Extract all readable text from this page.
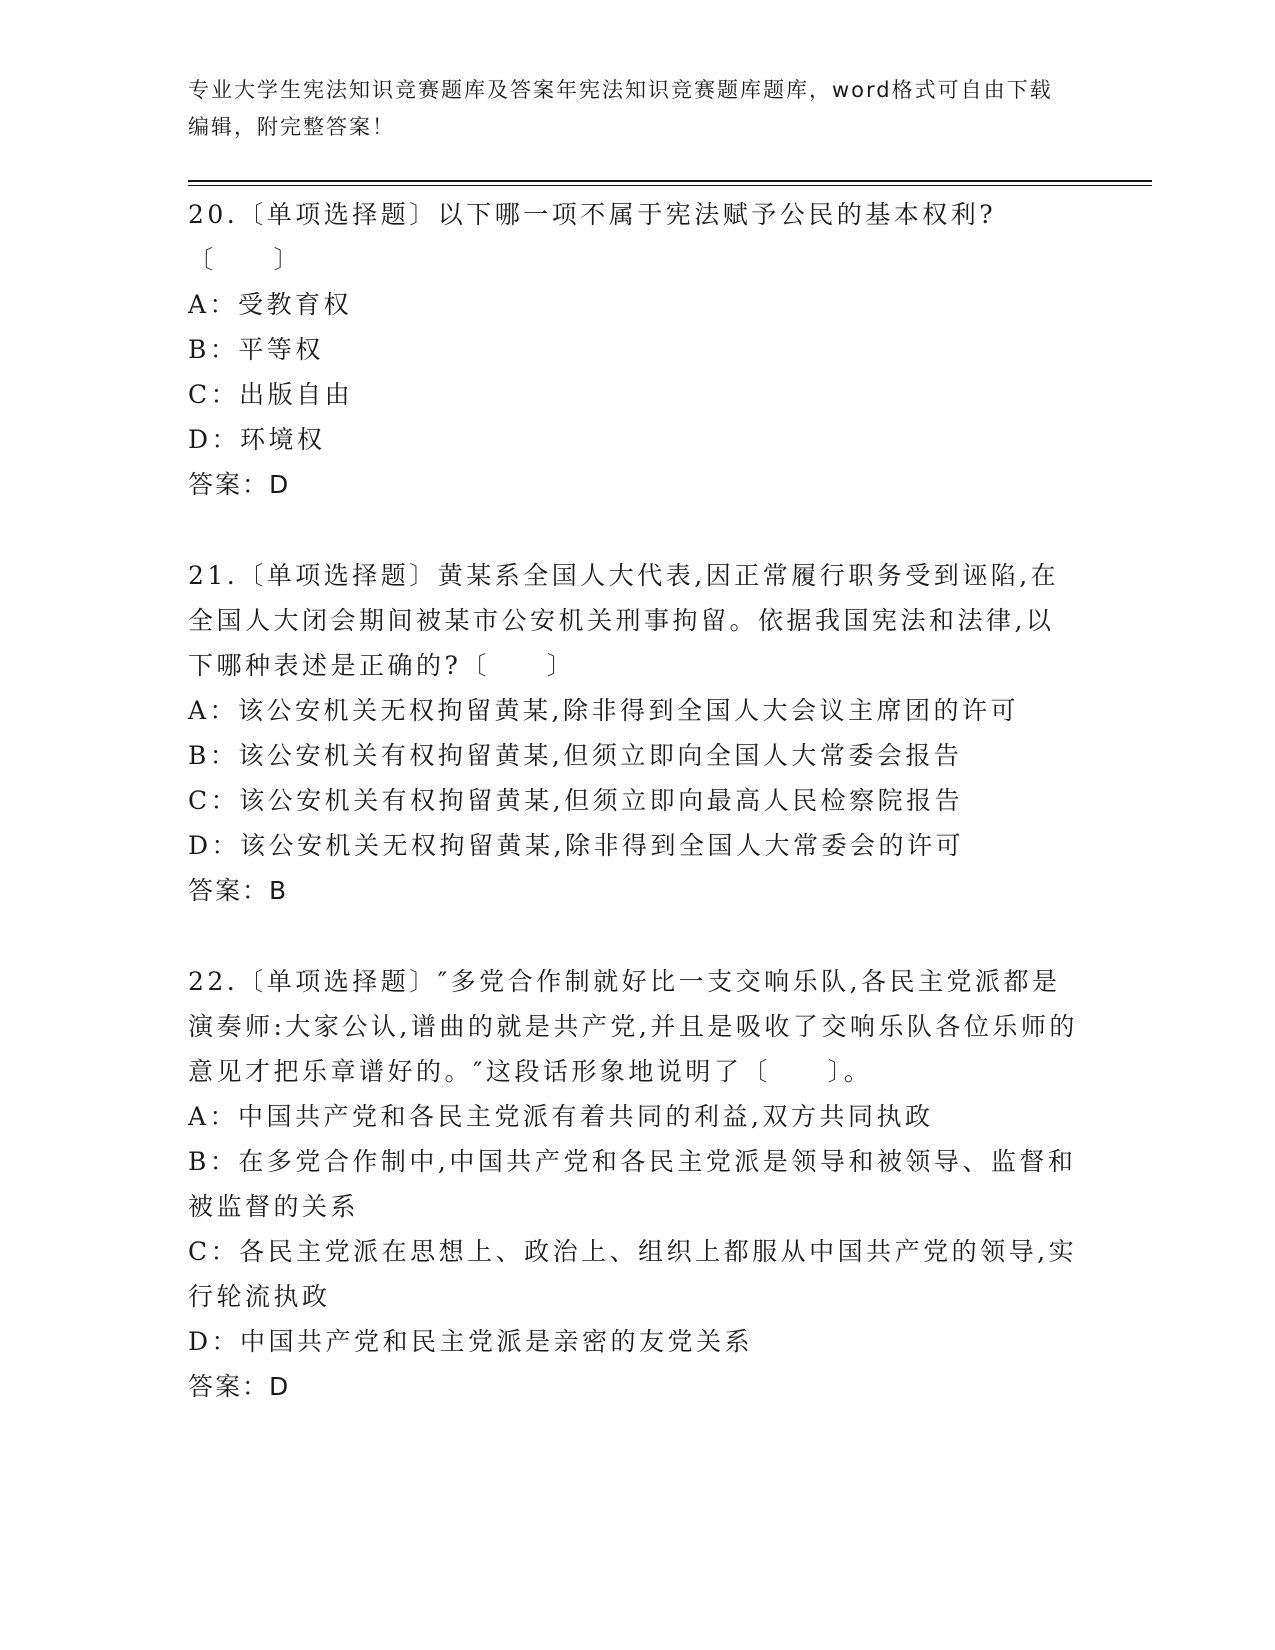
专业大学生宪法知识竞赛题库及答案年宪法知识竞赛题库题库，word格式可自由下载编辑，附完整答案！

20.〔单项选择题〕以下哪一项不属于宪法赋予公民的基本权利?〔　　〕

A：受教育权

B：平等权

C：出版自由

D：环境权

答案：D

21.〔单项选择题〕黄某系全国人大代表,因正常履行职务受到诬陷,在全国人大闭会期间被某市公安机关刑事拘留。依据我国宪法和法律,以下哪种表述是正确的?〔　　〕

A：该公安机关无权拘留黄某,除非得到全国人大会议主席团的许可

B：该公安机关有权拘留黄某,但须立即向全国人大常委会报告

C：该公安机关有权拘留黄某,但须立即向最高人民检察院报告

D：该公安机关无权拘留黄某,除非得到全国人大常委会的许可

答案：B

22.〔单项选择题〕″多党合作制就好比一支交响乐队,各民主党派都是演奏师:大家公认,谱曲的就是共产党,并且是吸收了交响乐队各位乐师的意见才把乐章谱好的。″这段话形象地说明了〔　　〕。

A：中国共产党和各民主党派有着共同的利益,双方共同执政

B：在多党合作制中,中国共产党和各民主党派是领导和被领导、监督和被监督的关系

C：各民主党派在思想上、政治上、组织上都服从中国共产党的领导,实行轮流执政

D：中国共产党和民主党派是亲密的友党关系

答案：D
